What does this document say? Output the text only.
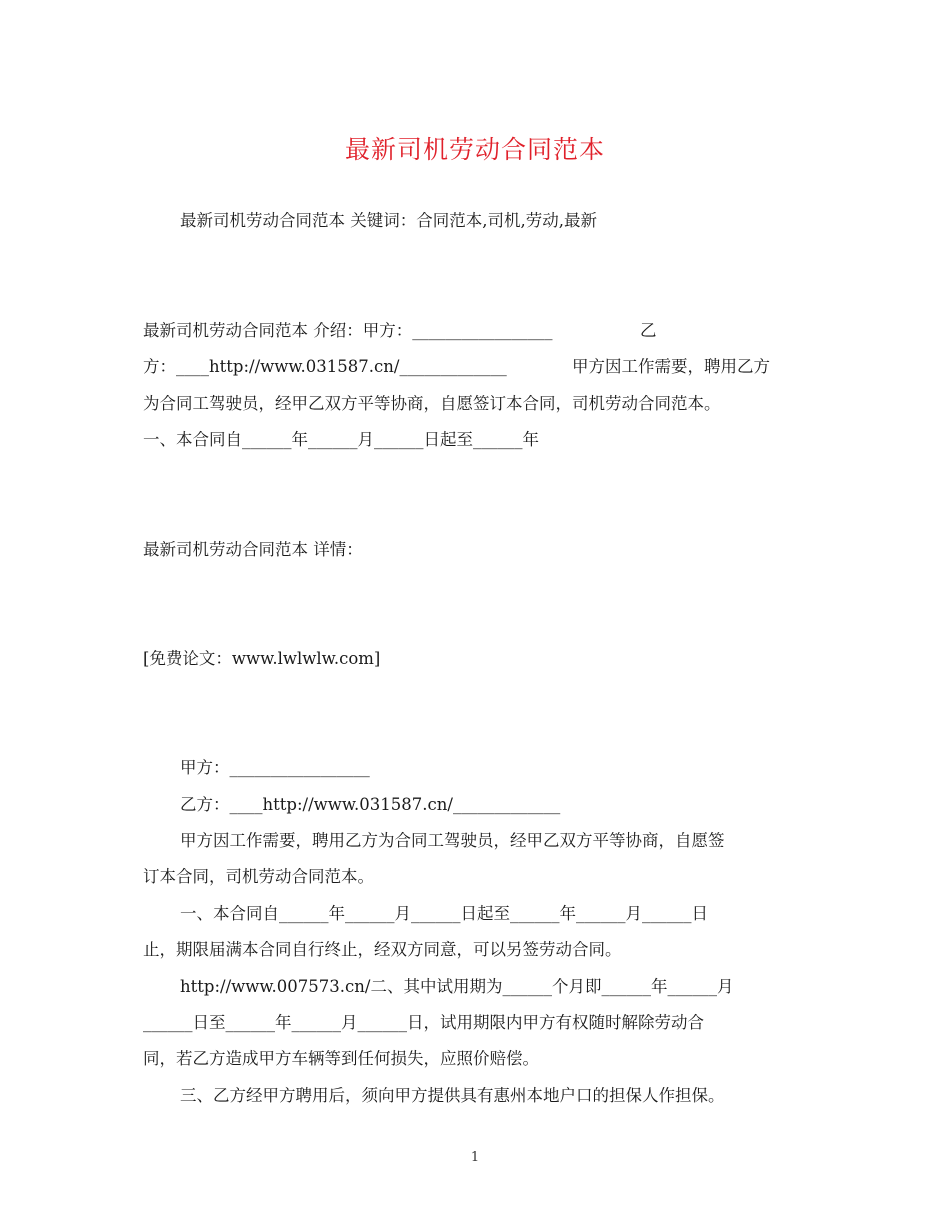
最新司机劳动合同范本
最新司机劳动合同范本 关键词：合同范本,司机,劳动,最新
最新司机劳动合同范本 介绍：甲方：_________________	乙
方：____http://www.031587.cn/_____________	甲方因工作需要，聘用乙方
为合同工驾驶员，经甲乙双方平等协商，自愿签订本合同，司机劳动合同范本。
一、本合同自______年______月______日起至______年
最新司机劳动合同范本 详情：
[免费论文：www.lwlwlw.com]
甲方：_________________
乙方：____http://www.031587.cn/_____________
甲方因工作需要，聘用乙方为合同工驾驶员，经甲乙双方平等协商，自愿签
订本合同，司机劳动合同范本。
一、本合同自______年______月______日起至______年______月______日
止，期限届满本合同自行终止，经双方同意，可以另签劳动合同。
http://www.007573.cn/二、其中试用期为______个月即______年______月
______日至______年______月______日，试用期限内甲方有权随时解除劳动合
同，若乙方造成甲方车辆等到任何损失，应照价赔偿。
三、乙方经甲方聘用后，须向甲方提供具有惠州本地户口的担保人作担保。
1
